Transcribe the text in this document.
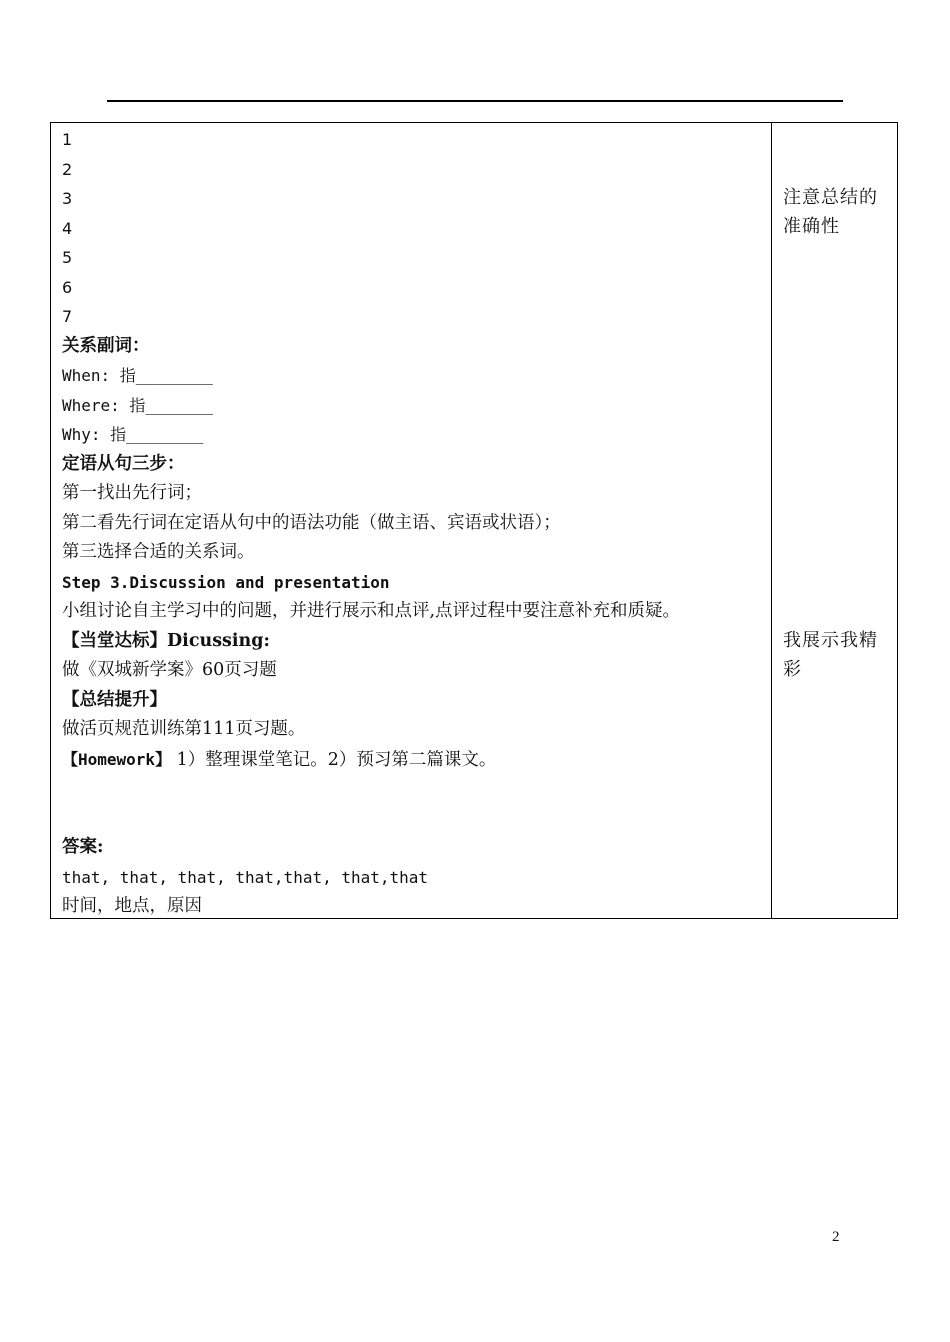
1
2
3
4
5
6
7
关系副词：
When: 指________
Where: 指_______
Why: 指________
定语从句三步：
第一找出先行词；
第二看先行词在定语从句中的语法功能（做主语、宾语或状语）；
第三选择合适的关系词。
Step 3.Discussion and presentation
小组讨论自主学习中的问题，并进行展示和点评,点评过程中要注意补充和质疑。
【当堂达标】Dicussing:
做《双城新学案》60页习题
【总结提升】
做活页规范训练第111页习题。
【Homework】 1）整理课堂笔记。2）预习第二篇课文。
答案:
that, that, that, that,that, that,that
时间，地点，原因
注意总结的准确性
我展示我精彩
2
